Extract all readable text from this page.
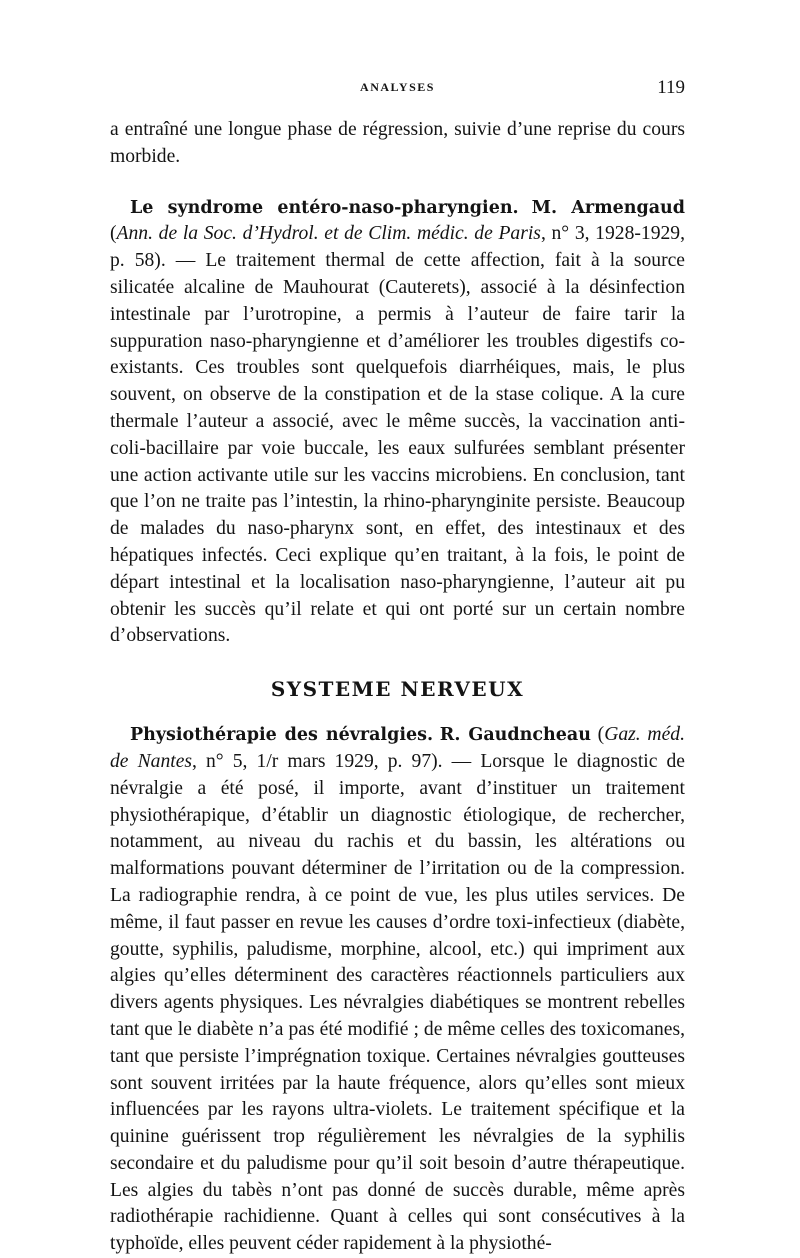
ANALYSES	119

a entraîné une longue phase de régression, suivie d’une reprise du cours morbide.

Le syndrome entéro-naso-pharyngien. M. Armengaud (Ann. de la Soc. d’Hydrol. et de Clim. médic. de Paris, n° 3, 1928-1929, p. 58). — Le traitement thermal de cette affection, fait à la source silicatée alcaline de Mauhourat (Cauterets), associé à la désinfection intestinale par l’urotropine, a permis à l’auteur de faire tarir la suppuration naso-pharyngienne et d’améliorer les troubles digestifs co-existants. Ces troubles sont quelquefois diarrhéiques, mais, le plus souvent, on observe de la constipation et de la stase colique. A la cure thermale l’auteur a associé, avec le même succès, la vaccination anti-coli-bacillaire par voie buccale, les eaux sulfurées semblant présenter une action activante utile sur les vaccins microbiens. En conclusion, tant que l’on ne traite pas l’intestin, la rhino-pharynginite persiste. Beaucoup de malades du naso-pharynx sont, en effet, des intestinaux et des hépatiques infectés. Ceci explique qu’en traitant, à la fois, le point de départ intestinal et la localisation naso-pharyngienne, l’auteur ait pu obtenir les succès qu’il relate et qui ont porté sur un certain nombre d’observations.

SYSTEME NERVEUX

Physiothérapie des névralgies. R. Gaudncheau (Gaz. méd. de Nantes, n° 5, 1/r mars 1929, p. 97). — Lorsque le diagnostic de névralgie a été posé, il importe, avant d’instituer un traitement physiothérapique, d’établir un diagnostic étiologique, de rechercher, notamment, au niveau du rachis et du bassin, les altérations ou malformations pouvant déterminer de l’irritation ou de la compression. La radiographie rendra, à ce point de vue, les plus utiles services. De même, il faut passer en revue les causes d’ordre toxi-infectieux (diabète, goutte, syphilis, paludisme, morphine, alcool, etc.) qui impriment aux algies qu’elles déterminent des caractères réactionnels particuliers aux divers agents physiques. Les névralgies diabétiques se montrent rebelles tant que le diabète n’a pas été modifié ; de même celles des toxicomanes, tant que persiste l’imprégnation toxique. Certaines névralgies goutteuses sont souvent irritées par la haute fréquence, alors qu’elles sont mieux influencées par les rayons ultra-violets. Le traitement spécifique et la quinine guérissent trop régulièrement les névralgies de la syphilis secondaire et du paludisme pour qu’il soit besoin d’autre thérapeutique. Les algies du tabès n’ont pas donné de succès durable, même après radiothérapie rachidienne. Quant à celles qui sont consécutives à la typhoïde, elles peuvent céder rapidement à la physiothé-
